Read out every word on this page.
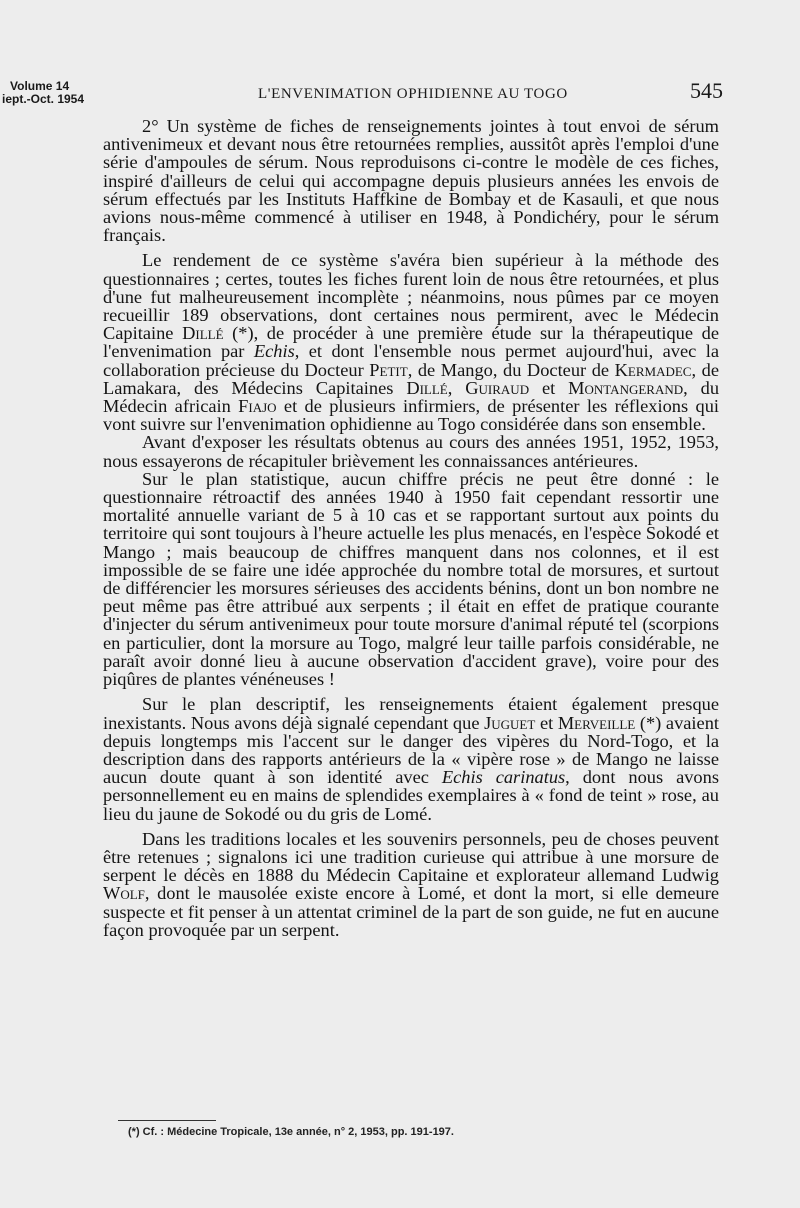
Volume 14
iept.-Oct. 1954	L'ENVENIMATION OPHIDIENNE AU TOGO	545

2° Un système de fiches de renseignements jointes à tout envoi de sérum antivenimeux et devant nous être retournées remplies, aussitôt après l'emploi d'une série d'ampoules de sérum. Nous reproduisons ci-contre le modèle de ces fiches, inspiré d'ailleurs de celui qui accompagne depuis plusieurs années les envois de sérum effectués par les Instituts Haffkine de Bombay et de Kasauli, et que nous avions nous-même commencé à utiliser en 1948, à Pondichéry, pour le sérum français.

Le rendement de ce système s'avéra bien supérieur à la méthode des questionnaires ; certes, toutes les fiches furent loin de nous être retournées, et plus d'une fut malheureusement incomplète ; néanmoins, nous pûmes par ce moyen recueillir 189 observations, dont certaines nous permirent, avec le Médecin Capitaine Dillé (*), de procéder à une première étude sur la thérapeutique de l'envenimation par Echis, et dont l'ensemble nous permet aujourd'hui, avec la collaboration précieuse du Docteur Petit, de Mango, du Docteur de Kermadec, de Lamakara, des Médecins Capitaines Dillé, Guiraud et Montangerand, du Médecin africain Fiajo et de plusieurs infirmiers, de présenter les réflexions qui vont suivre sur l'envenimation ophidienne au Togo considérée dans son ensemble.

Avant d'exposer les résultats obtenus au cours des années 1951, 1952, 1953, nous essayerons de récapituler brièvement les connaissances antérieures.

Sur le plan statistique, aucun chiffre précis ne peut être donné : le questionnaire rétroactif des années 1940 à 1950 fait cependant ressortir une mortalité annuelle variant de 5 à 10 cas et se rapportant surtout aux points du territoire qui sont toujours à l'heure actuelle les plus menacés, en l'espèce Sokodé et Mango ; mais beaucoup de chiffres manquent dans nos colonnes, et il est impossible de se faire une idée approchée du nombre total de morsures, et surtout de différencier les morsures sérieuses des accidents bénins, dont un bon nombre ne peut même pas être attribué aux serpents ; il était en effet de pratique courante d'injecter du sérum antivenimeux pour toute morsure d'animal réputé tel (scorpions en particulier, dont la morsure au Togo, malgré leur taille parfois considérable, ne paraît avoir donné lieu à aucune observation d'accident grave), voire pour des piqûres de plantes vénéneuses !

Sur le plan descriptif, les renseignements étaient également presque inexistants. Nous avons déjà signalé cependant que Juguet et Merveille (*) avaient depuis longtemps mis l'accent sur le danger des vipères du Nord-Togo, et la description dans des rapports antérieurs de la « vipère rose » de Mango ne laisse aucun doute quant à son identité avec Echis carinatus, dont nous avons personnellement eu en mains de splendides exemplaires à « fond de teint » rose, au lieu du jaune de Sokodé ou du gris de Lomé.

Dans les traditions locales et les souvenirs personnels, peu de choses peuvent être retenues ; signalons ici une tradition curieuse qui attribue à une morsure de serpent le décès en 1888 du Médecin Capitaine et explorateur allemand Ludwig Wolf, dont le mausolée existe encore à Lomé, et dont la mort, si elle demeure suspecte et fit penser à un attentat criminel de la part de son guide, ne fut en aucune façon provoquée par un serpent.

(*) Cf. : Médecine Tropicale, 13e année, n° 2, 1953, pp. 191-197.
